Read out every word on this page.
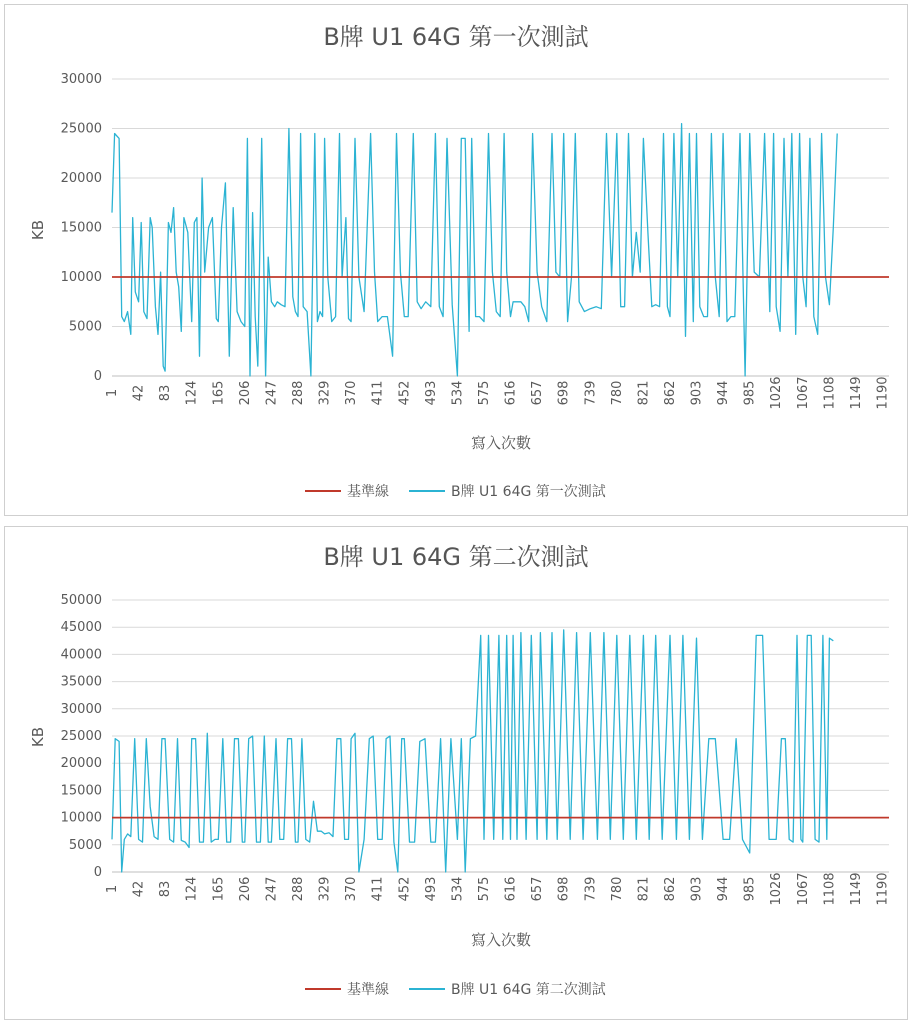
B牌 U1 64G 第一次測試
0
5000
10000
15000
20000
25000
30000
1 42 83 124 165 206 247 288 329 370 411 452 493 534 575 616 657 698 739 780 821 862 903 944 985 1026 1067 1108 1149 1190
KB
寫入次數
基準線	B牌 U1 64G 第一次測試
B牌 U1 64G 第二次測試
0
5000
10000
15000
20000
25000
30000
35000
40000
45000
50000
1 42 83 124 165 206 247 288 329 370 411 452 493 534 575 616 657 698 739 780 821 862 903 944 985 1026 1067 1108 1149 1190
KB
寫入次數
基準線	B牌 U1 64G 第二次測試
